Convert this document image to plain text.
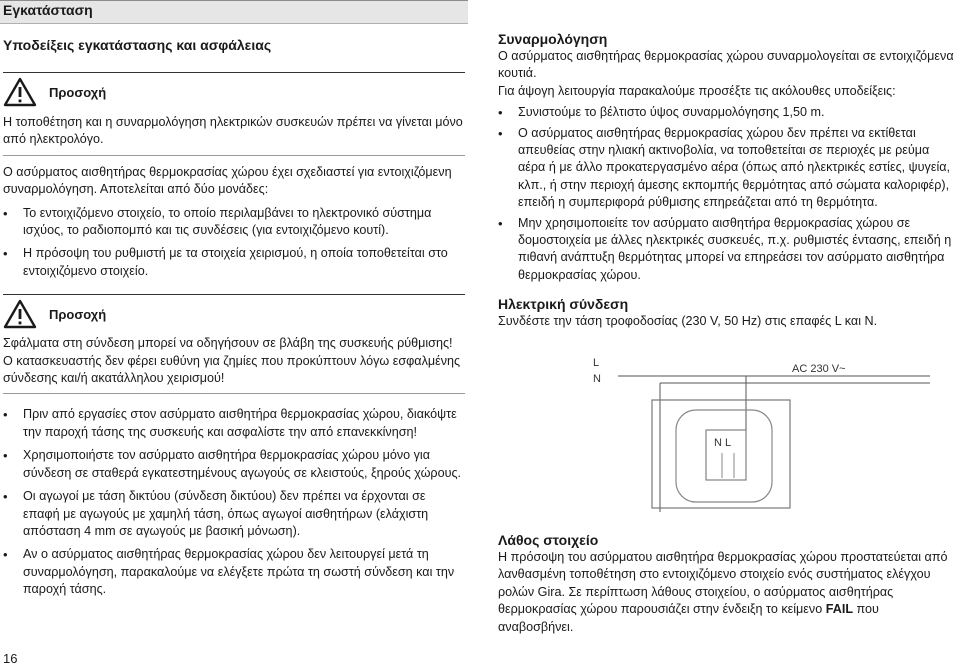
Εγκατάσταση
Υποδείξεις εγκατάστασης και ασφάλειας
Προσοχή
Η τοποθέτηση και η συναρμολόγηση ηλεκτρικών συσκευών πρέπει να γίνεται μόνο από ηλεκτρολόγο.
Ο ασύρματος αισθητήρας θερμοκρασίας χώρου έχει σχεδιαστεί για εντοιχιζόμενη συναρμολόγηση. Αποτελείται από δύο μονάδες:
• Το εντοιχιζόμενο στοιχείο, το οποίο περιλαμβάνει το ηλεκτρονικό σύστημα ισχύος, το ραδιοπομπό και τις συνδέσεις (για εντοιχιζόμενο κουτί).
• Η πρόσοψη του ρυθμιστή με τα στοιχεία χειρισμού, η οποία τοποθετείται στο εντοιχιζόμενο στοιχείο.
Προσοχή
Σφάλματα στη σύνδεση μπορεί να οδηγήσουν σε βλάβη της συσκευής ρύθμισης! Ο κατασκευαστής δεν φέρει ευθύνη για ζημίες που προκύπτουν λόγω εσφαλμένης σύνδεσης και/ή ακατάλληλου χειρισμού!
• Πριν από εργασίες στον ασύρματο αισθητήρα θερμοκρασίας χώρου, διακόψτε την παροχή τάσης της συσκευής και ασφαλίστε την από επανεκκίνηση!
• Χρησιμοποιήστε τον ασύρματο αισθητήρα θερμοκρασίας χώρου μόνο για σύνδεση σε σταθερά εγκατεστημένους αγωγούς σε κλειστούς, ξηρούς χώρους.
• Οι αγωγοί με τάση δικτύου (σύνδεση δικτύου) δεν πρέπει να έρχονται σε επαφή με αγωγούς με χαμηλή τάση, όπως αγωγοί αισθητήρων (ελάχιστη απόσταση 4 mm σε αγωγούς με βασική μόνωση).
• Αν ο ασύρματος αισθητήρας θερμοκρασίας χώρου δεν λειτουργεί μετά τη συναρμολόγηση, παρακαλούμε να ελέγξετε πρώτα τη σωστή σύνδεση και την παροχή τάσης.
Συναρμολόγηση
Ο ασύρματος αισθητήρας θερμοκρασίας χώρου συναρμολογείται σε εντοιχιζόμενα κουτιά.
Για άψογη λειτουργία παρακαλούμε προσέξτε τις ακόλουθες υποδείξεις:
• Συνιστούμε το βέλτιστο ύψος συναρμολόγησης 1,50 m.
• Ο ασύρματος αισθητήρας θερμοκρασίας χώρου δεν πρέπει να εκτίθεται απευθείας στην ηλιακή ακτινοβολία, να τοποθετείται σε περιοχές με ρεύμα αέρα ή με άλλο προκατεργασμένο αέρα (όπως από ηλεκτρικές εστίες, ψυγεία, κλπ., ή στην περιοχή άμεσης εκπομπής θερμότητας από σώματα καλοριφέρ), επειδή η συμπεριφορά ρύθμισης επηρεάζεται από τη θερμότητα.
• Μην χρησιμοποιείτε τον ασύρματο αισθητήρα θερμοκρασίας χώρου σε δομοστοιχεία με άλλες ηλεκτρικές συσκευές, π.χ. ρυθμιστές έντασης, επειδή η πιθανή ανάπτυξη θερμότητας μπορεί να επηρεάσει τον ασύρματο αισθητήρα θερμοκρασίας χώρου.
Ηλεκτρική σύνδεση
Συνδέστε την τάση τροφοδοσίας (230 V, 50 Hz) στις επαφές L και N.
L
N
AC 230 V~
N L
Λάθος στοιχείο
Η πρόσοψη του ασύρματου αισθητήρα θερμοκρασίας χώρου προστατεύεται από λανθασμένη τοποθέτηση στο εντοιχιζόμενο στοιχείο ενός συστήματος ελέγχου ρολών Gira. Σε περίπτωση λάθους στοιχείου, ο ασύρματος αισθητήρας θερμοκρασίας χώρου παρουσιάζει στην ένδειξη το κείμενο FAIL που αναβοσβήνει.
16
